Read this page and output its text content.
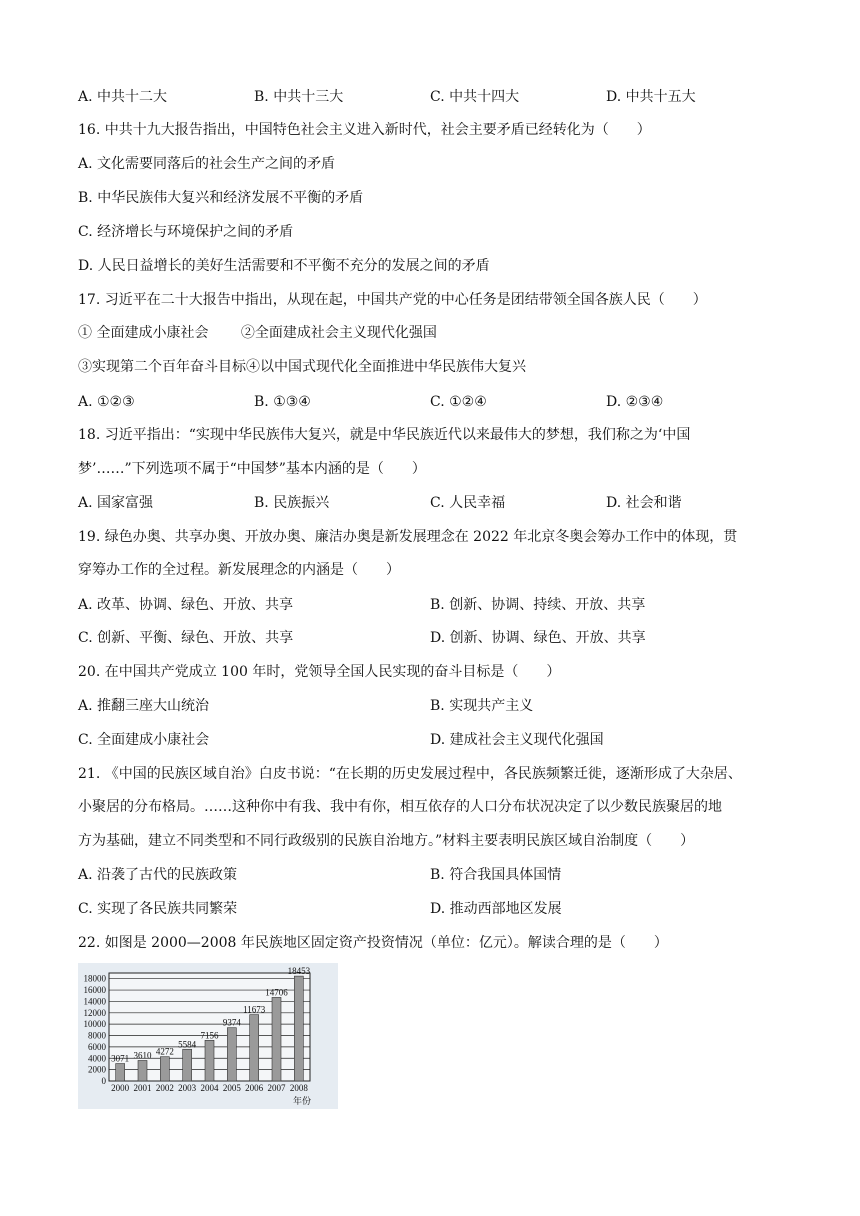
A. 中共十二大	B. 中共十三大	C. 中共十四大	D. 中共十五大
16. 中共十九大报告指出，中国特色社会主义进入新时代，社会主要矛盾已经转化为（　　）
A. 文化需要同落后的社会生产之间的矛盾
B. 中华民族伟大复兴和经济发展不平衡的矛盾
C. 经济增长与环境保护之间的矛盾
D. 人民日益增长的美好生活需要和不平衡不充分的发展之间的矛盾
17. 习近平在二十大报告中指出，从现在起，中国共产党的中心任务是团结带领全国各族人民（　　）
① 全面建成小康社会　　 ②全面建成社会主义现代化强国
③实现第二个百年奋斗目标④以中国式现代化全面推进中华民族伟大复兴
A. ①②③	B. ①③④	C. ①②④	D. ②③④
18. 习近平指出：“实现中华民族伟大复兴，就是中华民族近代以来最伟大的梦想，我们称之为‘中国
梦’……”下列选项不属于“中国梦”基本内涵的是（　　）
A. 国家富强	B. 民族振兴	C. 人民幸福	D. 社会和谐
19. 绿色办奥、共享办奥、开放办奥、廉洁办奥是新发展理念在 2022 年北京冬奥会筹办工作中的体现，贯
穿筹办工作的全过程。新发展理念的内涵是（　　）
A. 改革、协调、绿色、开放、共享	B. 创新、协调、持续、开放、共享
C. 创新、平衡、绿色、开放、共享	D. 创新、协调、绿色、开放、共享
20. 在中国共产党成立 100 年时，党领导全国人民实现的奋斗目标是（　　）
A. 推翻三座大山统治	B. 实现共产主义
C. 全面建成小康社会	D. 建成社会主义现代化强国
21. 《中国的民族区域自治》白皮书说：“在长期的历史发展过程中，各民族频繁迁徙，逐渐形成了大杂居、
小聚居的分布格局。……这种你中有我、我中有你，相互依存的人口分布状况决定了以少数民族聚居的地
方为基础，建立不同类型和不同行政级别的民族自治地方。”材料主要表明民族区域自治制度（　　）
A. 沿袭了古代的民族政策	B. 符合我国具体国情
C. 实现了各民族共同繁荣	D. 推动西部地区发展
22. 如图是 2000—2008 年民族地区固定资产投资情况（单位：亿元）。解读合理的是（　　）
0
2000
4000
6000
8000
10000
12000
14000
16000
18000
3071
2000
3610
2001
4272
2002
5584
2003
7156
2004
9374
2005
11673
2006
14706
2007
18453
2008
年份
